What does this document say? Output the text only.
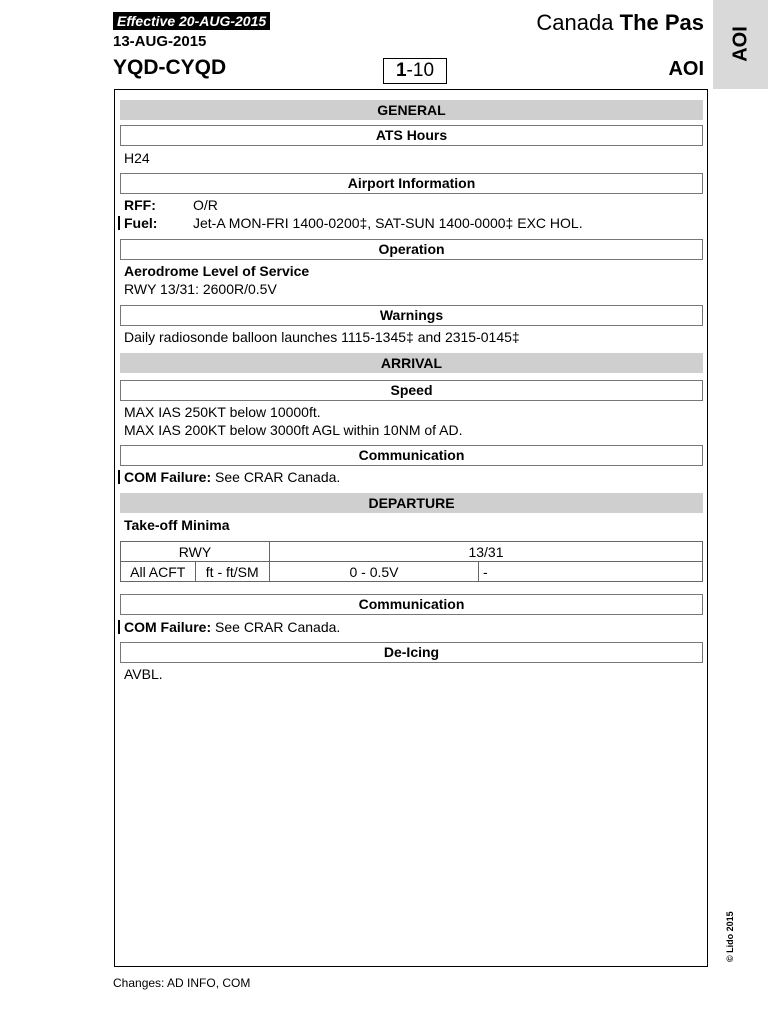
Effective 20-AUG-2015
13-AUG-2015
YQD-CYQD
Canada The Pas
1-10	AOI
AOI
GENERAL
ATS Hours
H24
Airport Information
RFF:	O/R
Fuel:	Jet-A MON-FRI 1400-0200‡, SAT-SUN 1400-0000‡ EXC HOL.
Operation
Aerodrome Level of Service
RWY 13/31: 2600R/0.5V
Warnings
Daily radiosonde balloon launches 1115-1345‡ and 2315-0145‡
ARRIVAL
Speed
MAX IAS 250KT below 10000ft.
MAX IAS 200KT below 3000ft AGL within 10NM of AD.
Communication
COM Failure: See CRAR Canada.
DEPARTURE
Take-off Minima
RWY		13/31	
All ACFT	ft - ft/SM	0 - 0.5V	-
Communication
COM Failure: See CRAR Canada.
De-Icing
AVBL.
© Lido 2015
Changes: AD INFO, COM
